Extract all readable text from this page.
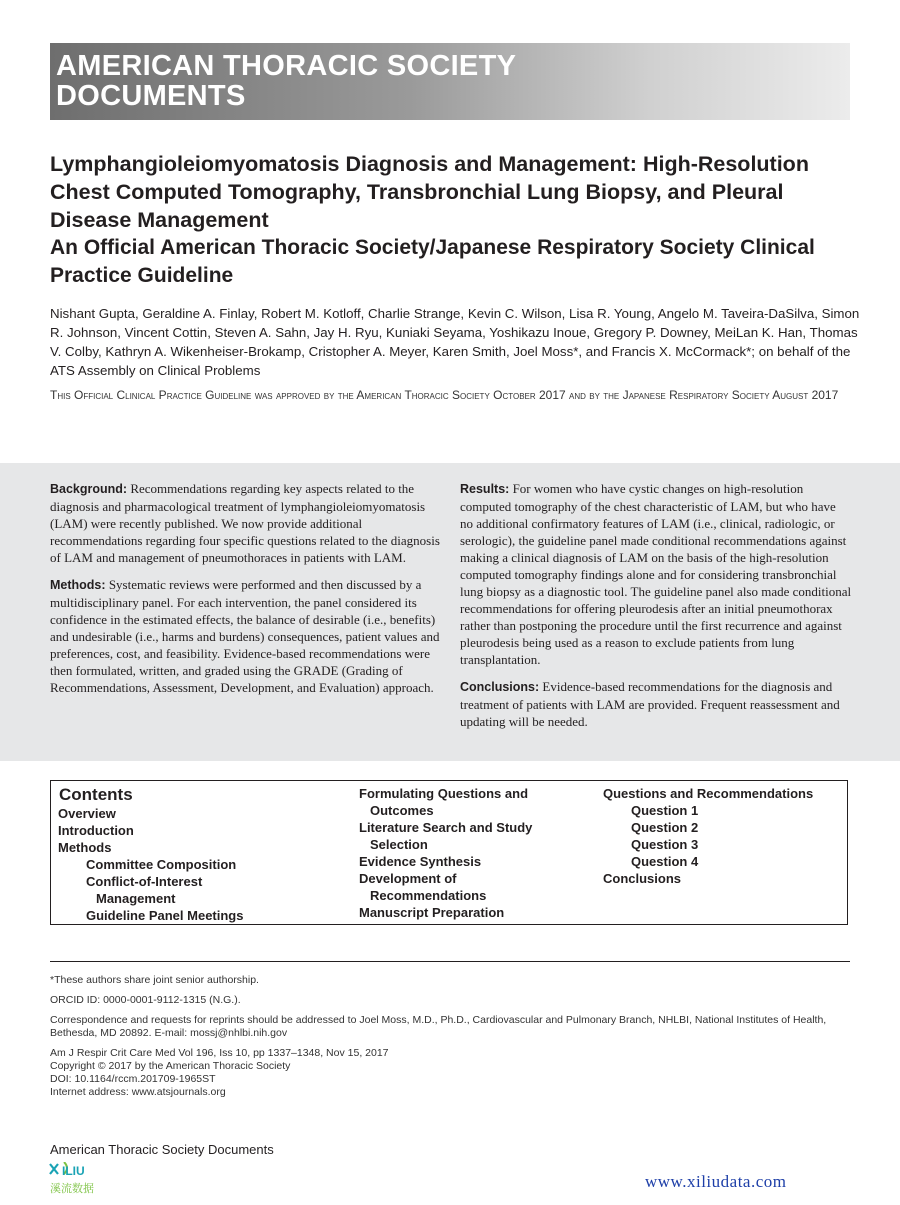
AMERICAN THORACIC SOCIETY DOCUMENTS
Lymphangioleiomyomatosis Diagnosis and Management: High-Resolution Chest Computed Tomography, Transbronchial Lung Biopsy, and Pleural Disease Management
An Official American Thoracic Society/Japanese Respiratory Society Clinical Practice Guideline
Nishant Gupta, Geraldine A. Finlay, Robert M. Kotloff, Charlie Strange, Kevin C. Wilson, Lisa R. Young, Angelo M. Taveira-DaSilva, Simon R. Johnson, Vincent Cottin, Steven A. Sahn, Jay H. Ryu, Kuniaki Seyama, Yoshikazu Inoue, Gregory P. Downey, MeiLan K. Han, Thomas V. Colby, Kathryn A. Wikenheiser-Brokamp, Cristopher A. Meyer, Karen Smith, Joel Moss*, and Francis X. McCormack*; on behalf of the ATS Assembly on Clinical Problems
This Official Clinical Practice Guideline was approved by the American Thoracic Society October 2017 and by the Japanese Respiratory Society August 2017

Background: Recommendations regarding key aspects related to the diagnosis and pharmacological treatment of lymphangioleiomyomatosis (LAM) were recently published. We now provide additional recommendations regarding four specific questions related to the diagnosis of LAM and management of pneumothoraces in patients with LAM.

Methods: Systematic reviews were performed and then discussed by a multidisciplinary panel. For each intervention, the panel considered its confidence in the estimated effects, the balance of desirable (i.e., benefits) and undesirable (i.e., harms and burdens) consequences, patient values and preferences, cost, and feasibility. Evidence-based recommendations were then formulated, written, and graded using the GRADE (Grading of Recommendations, Assessment, Development, and Evaluation) approach.

Results: For women who have cystic changes on high-resolution computed tomography of the chest characteristic of LAM, but who have no additional confirmatory features of LAM (i.e., clinical, radiologic, or serologic), the guideline panel made conditional recommendations against making a clinical diagnosis of LAM on the basis of the high-resolution computed tomography findings alone and for considering transbronchial lung biopsy as a diagnostic tool. The guideline panel also made conditional recommendations for offering pleurodesis after an initial pneumothorax rather than postponing the procedure until the first recurrence and against pleurodesis being used as a reason to exclude patients from lung transplantation.

Conclusions: Evidence-based recommendations for the diagnosis and treatment of patients with LAM are provided. Frequent reassessment and updating will be needed.

Contents
Overview
Introduction
Methods
Committee Composition
Conflict-of-Interest
Management
Guideline Panel Meetings
Formulating Questions and
Outcomes
Literature Search and Study
Selection
Evidence Synthesis
Development of
Recommendations
Manuscript Preparation
Questions and Recommendations
Question 1
Question 2
Question 3
Question 4
Conclusions

*These authors share joint senior authorship.

ORCID ID: 0000-0001-9112-1315 (N.G.).

Correspondence and requests for reprints should be addressed to Joel Moss, M.D., Ph.D., Cardiovascular and Pulmonary Branch, NHLBI, National Institutes of Health, Bethesda, MD 20892. E-mail: mossj@nhlbi.nih.gov

Am J Respir Crit Care Med Vol 196, Iss 10, pp 1337–1348, Nov 15, 2017
Copyright © 2017 by the American Thoracic Society
DOI: 10.1164/rccm.201709-1965ST
Internet address: www.atsjournals.org
American Thoracic Society Documents
ILIU
溪流数据	www.xiliudata.com
